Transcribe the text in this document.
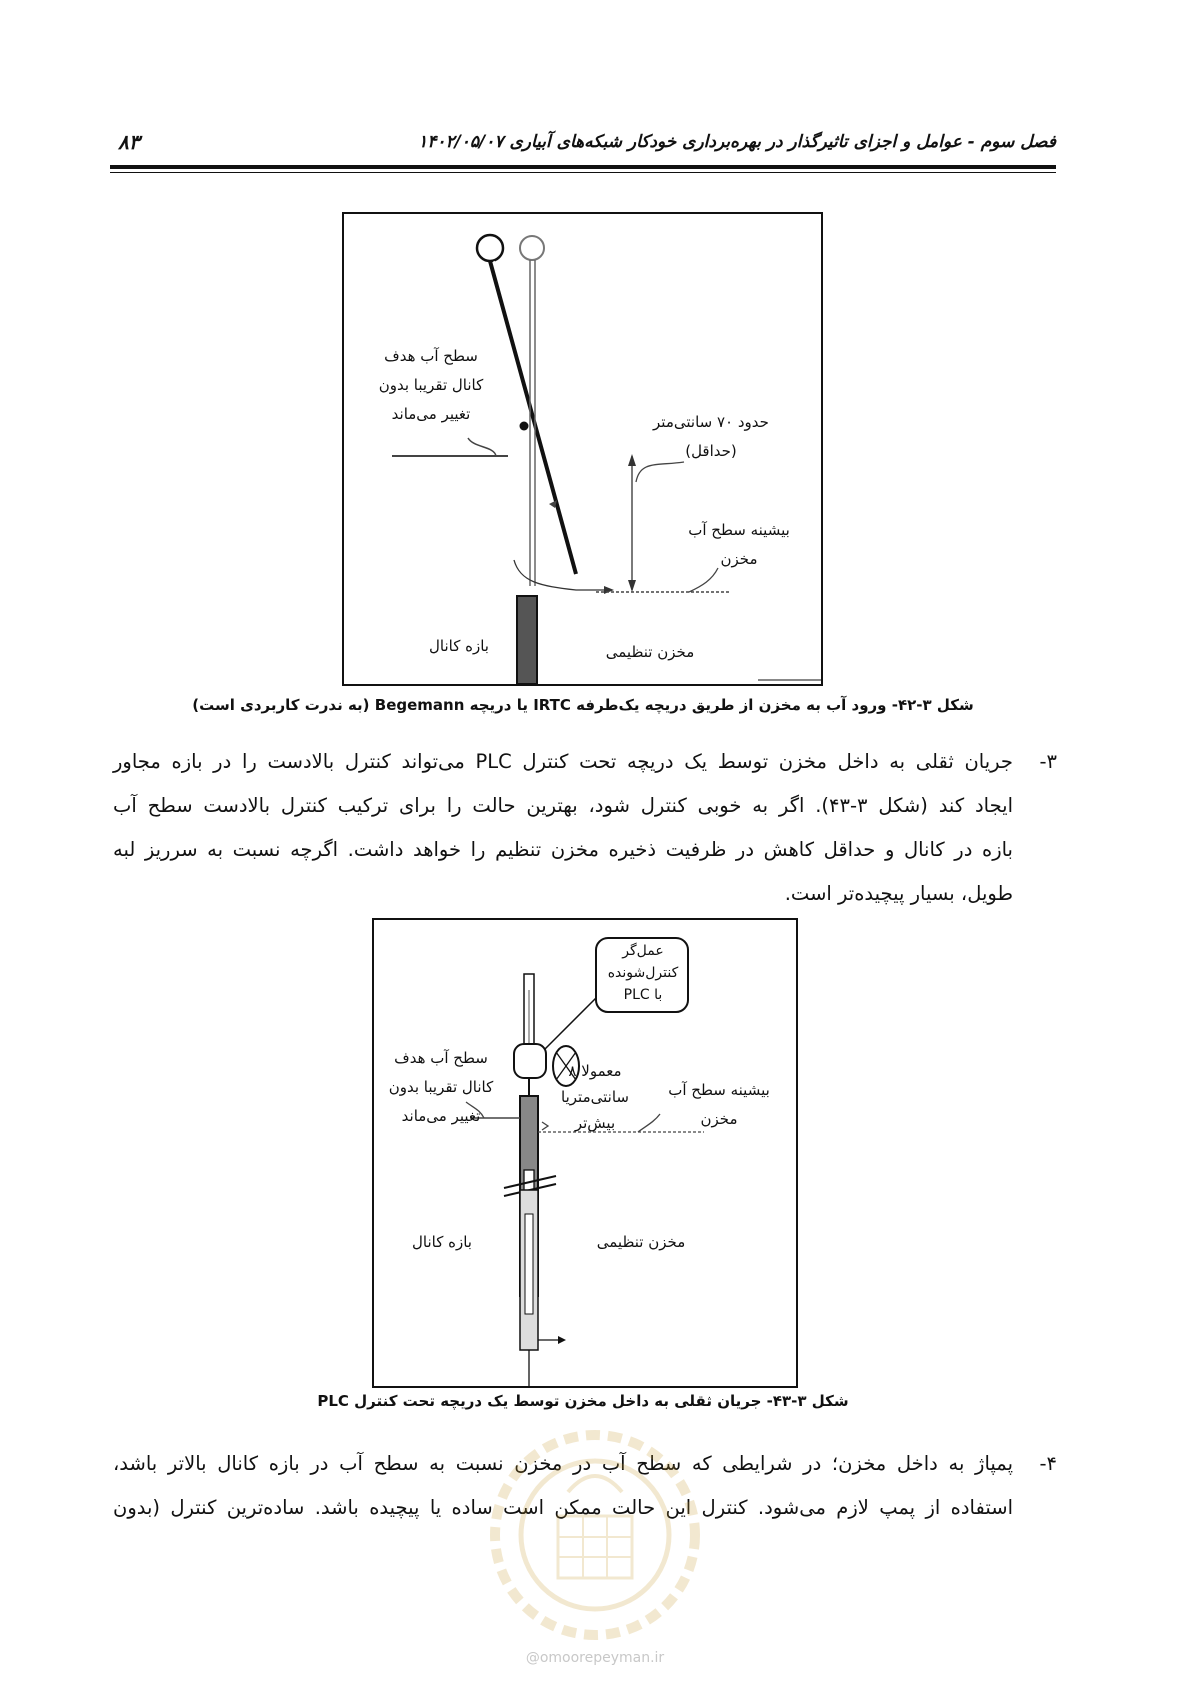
فصل سوم - عوامل و اجزای تاثیرگذار در بهره‌برداری خودکار شبکه‌های آبیاری ۱۴۰۲/۰۵/۰۷
۸۳
سطح آب هدف
کانال تقریبا بدون
تغییر می‌ماند	حدود ۷۰ سانتی‌متر
(حداقل)
بیشینه سطح آب
مخزن
بازه کانال	مخزن تنظیمی
شکل ۳-۴۲- ورود آب به مخزن از طریق دریچه یک‌طرفه IRTC یا دریچه Begemann (به ندرت کاربردی است)
۳-
جریان ثقلی به داخل مخزن توسط یک دریچه تحت کنترل PLC می‌تواند کنترل بالادست را در بازه مجاور
ایجاد کند (شکل ۳-۴۳). اگر به خوبی کنترل شود، بهترین حالت را برای ترکیب کنترل بالادست سطح آب
بازه در کانال و حداقل کاهش در ظرفیت ذخیره مخزن تنظیم را خواهد داشت. اگرچه نسبت به سرریز لبه
طویل، بسیار پیچیده‌تر است.
عمل‌گر
کنترل‌شونده
با PLC
سطح آب هدف
کانال تقریبا بدون
تغییر می‌ماند
معمولا ۸
سانتی‌متریا
بیش‌تر
بیشینه سطح آب
مخزن
بازه کانال	مخزن تنظیمی
شکل ۳-۴۳- جریان ثقلی به داخل مخزن توسط یک دریچه تحت کنترل PLC
۴-
پمپاژ به داخل مخزن؛ در شرایطی که سطح آب در مخزن نسبت به سطح آب در بازه کانال بالاتر باشد،
استفاده از پمپ لازم می‌شود. کنترل این حالت ممکن است ساده یا پیچیده باشد. ساده‌ترین کنترل (بدون
@omoorepeyman.ir
